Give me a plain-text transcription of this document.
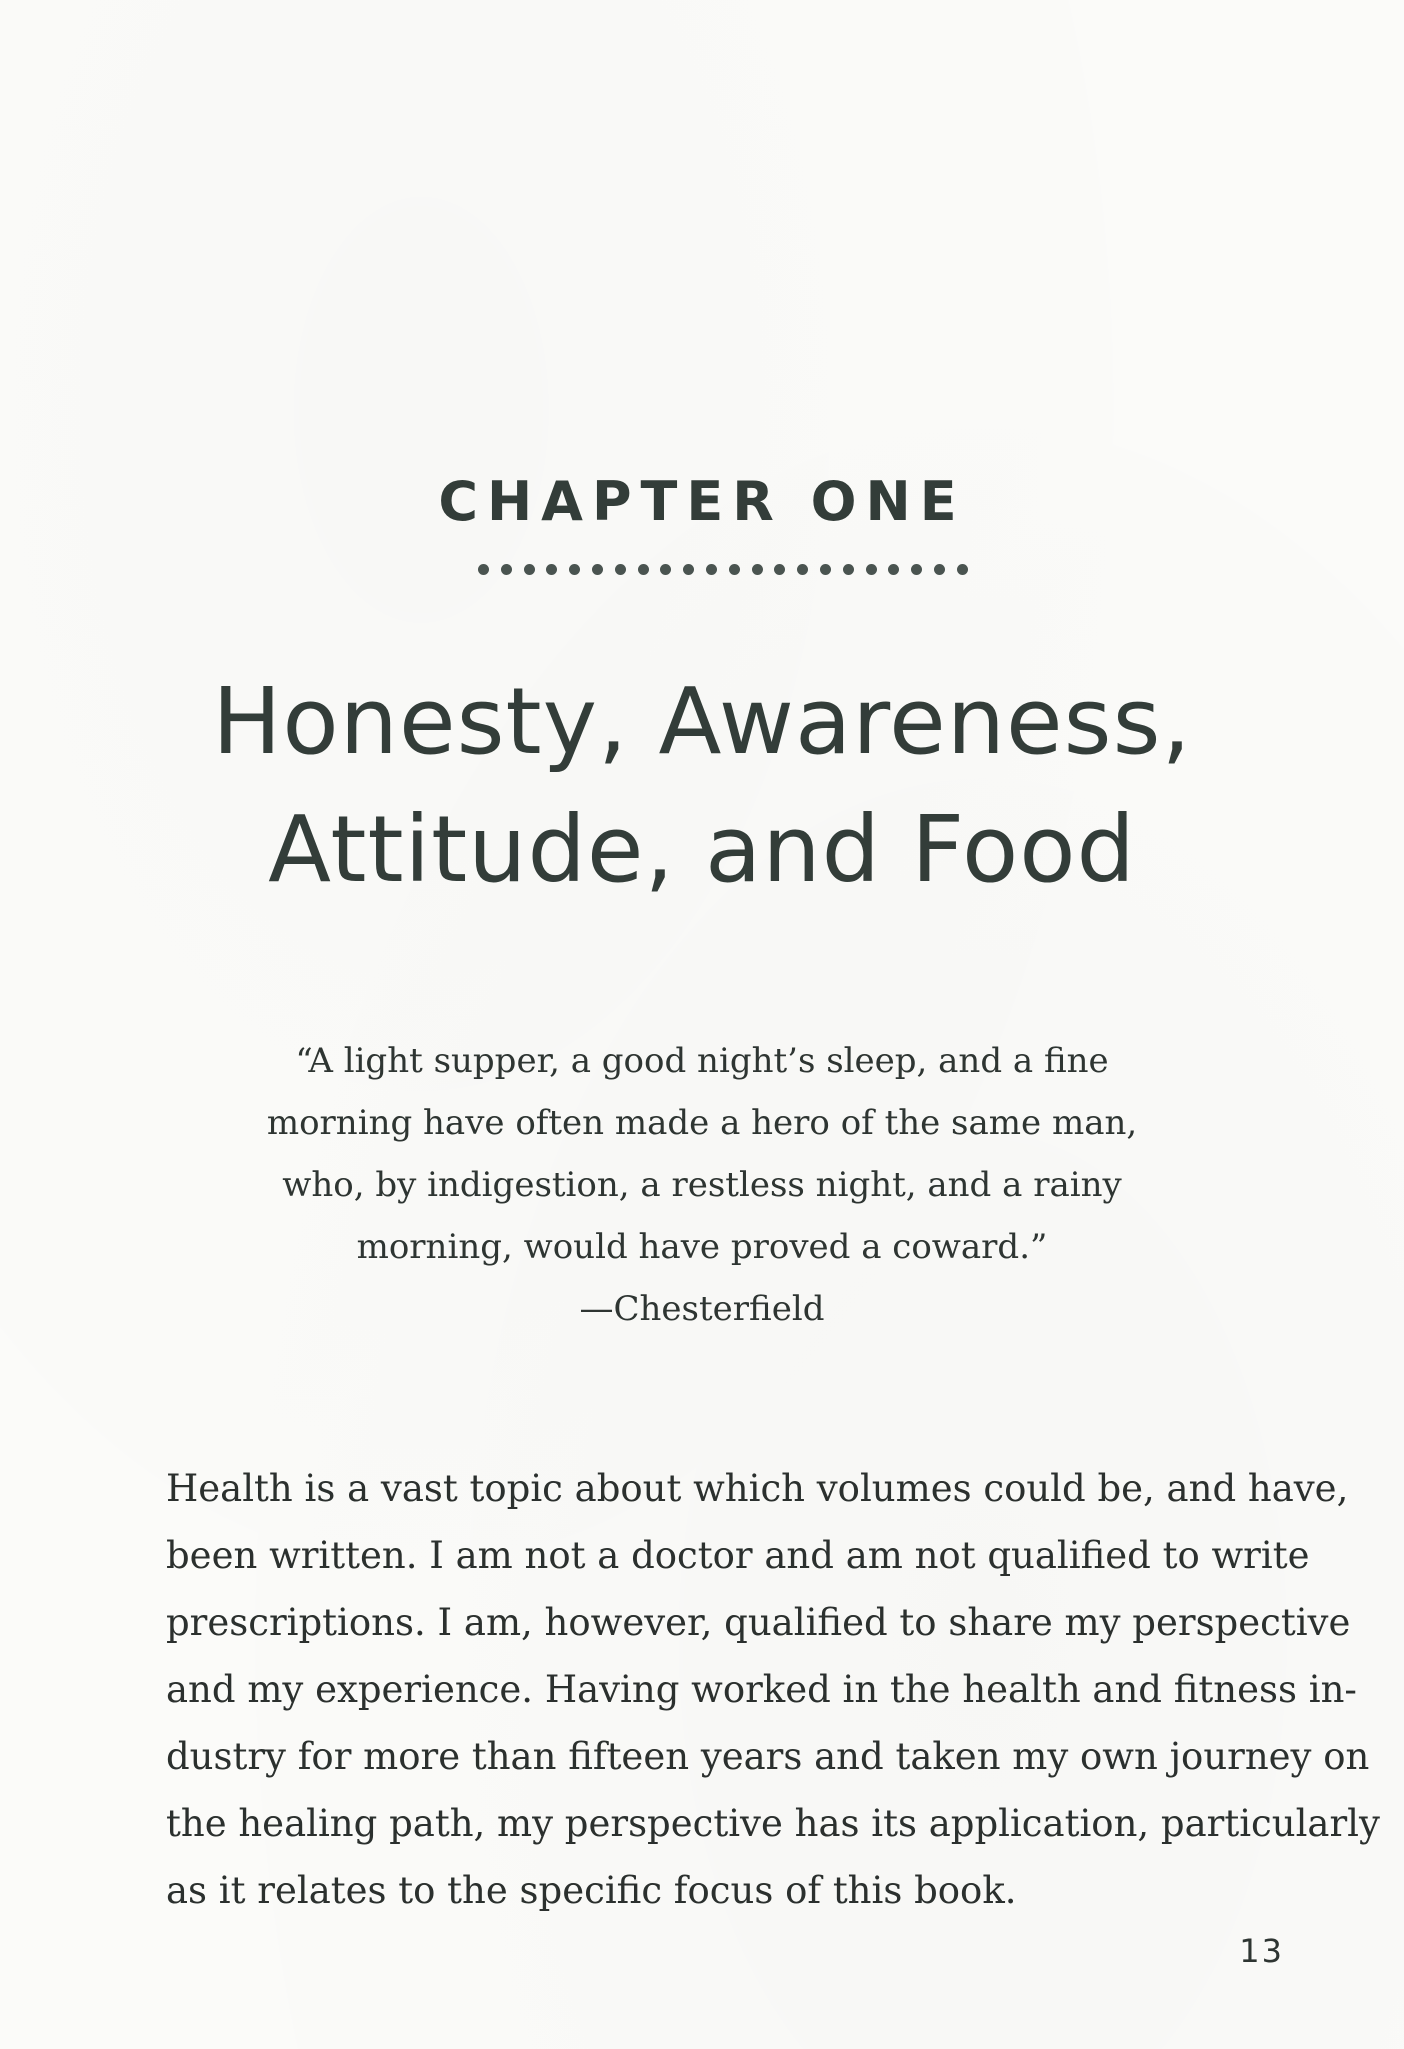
CHAPTER ONE
Honesty, Awareness,
Attitude, and Food
“A light supper, a good night’s sleep, and a fine
morning have often made a hero of the same man,
who, by indigestion, a restless night, and a rainy
morning, would have proved a coward.”
—Chesterfield
Health is a vast topic about which volumes could be, and have,
been written. I am not a doctor and am not qualified to write
prescriptions. I am, however, qualified to share my perspective
and my experience. Having worked in the health and fitness in-
dustry for more than fifteen years and taken my own journey on
the healing path, my perspective has its application, particularly
as it relates to the specific focus of this book.
13
